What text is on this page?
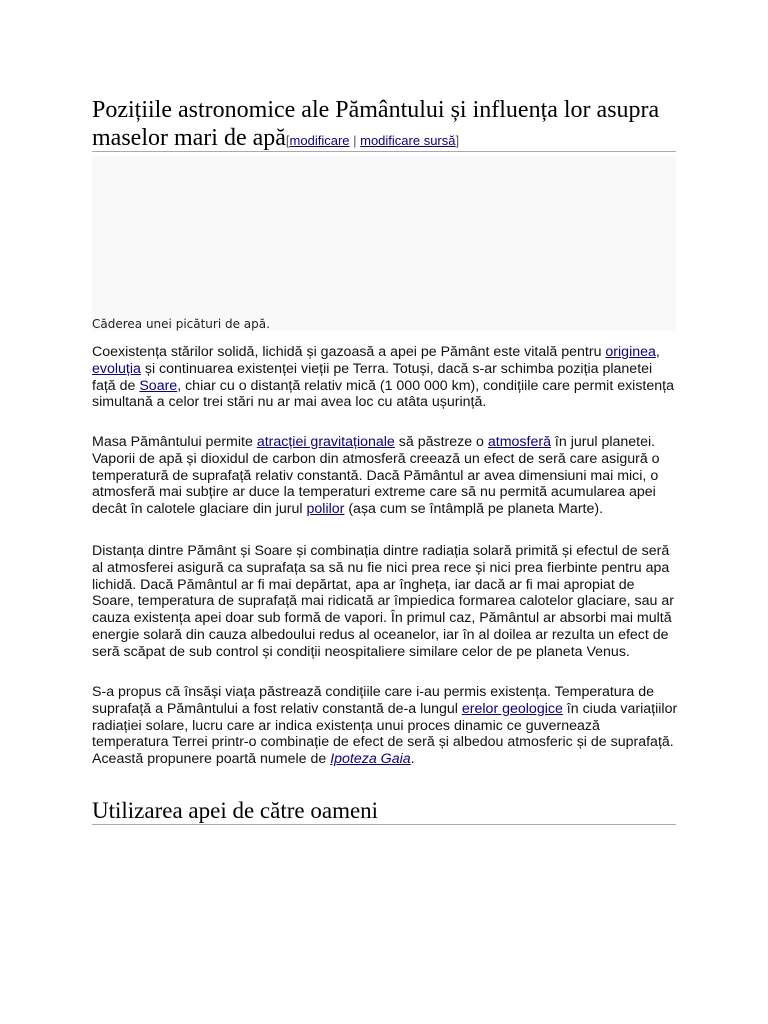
Pozițiile astronomice ale Pământului și influența lor asupra maselor mari de apă[modificare | modificare sursă]
Căderea unei picături de apă.

Coexistența stărilor solidă, lichidă și gazoasă a apei pe Pământ este vitală pentru originea, evoluția și continuarea existenței vieții pe Terra. Totuși, dacă s-ar schimba poziția planetei față de Soare, chiar cu o distanță relativ mică (1 000 000 km), condițiile care permit existența simultană a celor trei stări nu ar mai avea loc cu atâta ușurință.

Masa Pământului permite atracției gravitaționale să păstreze o atmosferă în jurul planetei. Vaporii de apă și dioxidul de carbon din atmosferă creează un efect de seră care asigură o temperatură de suprafață relativ constantă. Dacă Pământul ar avea dimensiuni mai mici, o atmosferă mai subțire ar duce la temperaturi extreme care să nu permită acumularea apei decât în calotele glaciare din jurul polilor (așa cum se întâmplă pe planeta Marte).

Distanța dintre Pământ și Soare și combinația dintre radiația solară primită și efectul de seră al atmosferei asigură ca suprafața sa să nu fie nici prea rece și nici prea fierbinte pentru apa lichidă. Dacă Pământul ar fi mai depărtat, apa ar îngheța, iar dacă ar fi mai apropiat de Soare, temperatura de suprafață mai ridicată ar împiedica formarea calotelor glaciare, sau ar cauza existența apei doar sub formă de vapori. În primul caz, Pământul ar absorbi mai multă energie solară din cauza albedoului redus al oceanelor, iar în al doilea ar rezulta un efect de seră scăpat de sub control și condiții neospitaliere similare celor de pe planeta Venus.

S-a propus că însăși viața păstrează condițiile care i-au permis existența. Temperatura de suprafață a Pământului a fost relativ constantă de-a lungul erelor geologice în ciuda variațiilor radiației solare, lucru care ar indica existența unui proces dinamic ce guvernează temperatura Terrei printr-o combinație de efect de seră și albedou atmosferic și de suprafață. Această propunere poartă numele de Ipoteza Gaia.

Utilizarea apei de către oameni
